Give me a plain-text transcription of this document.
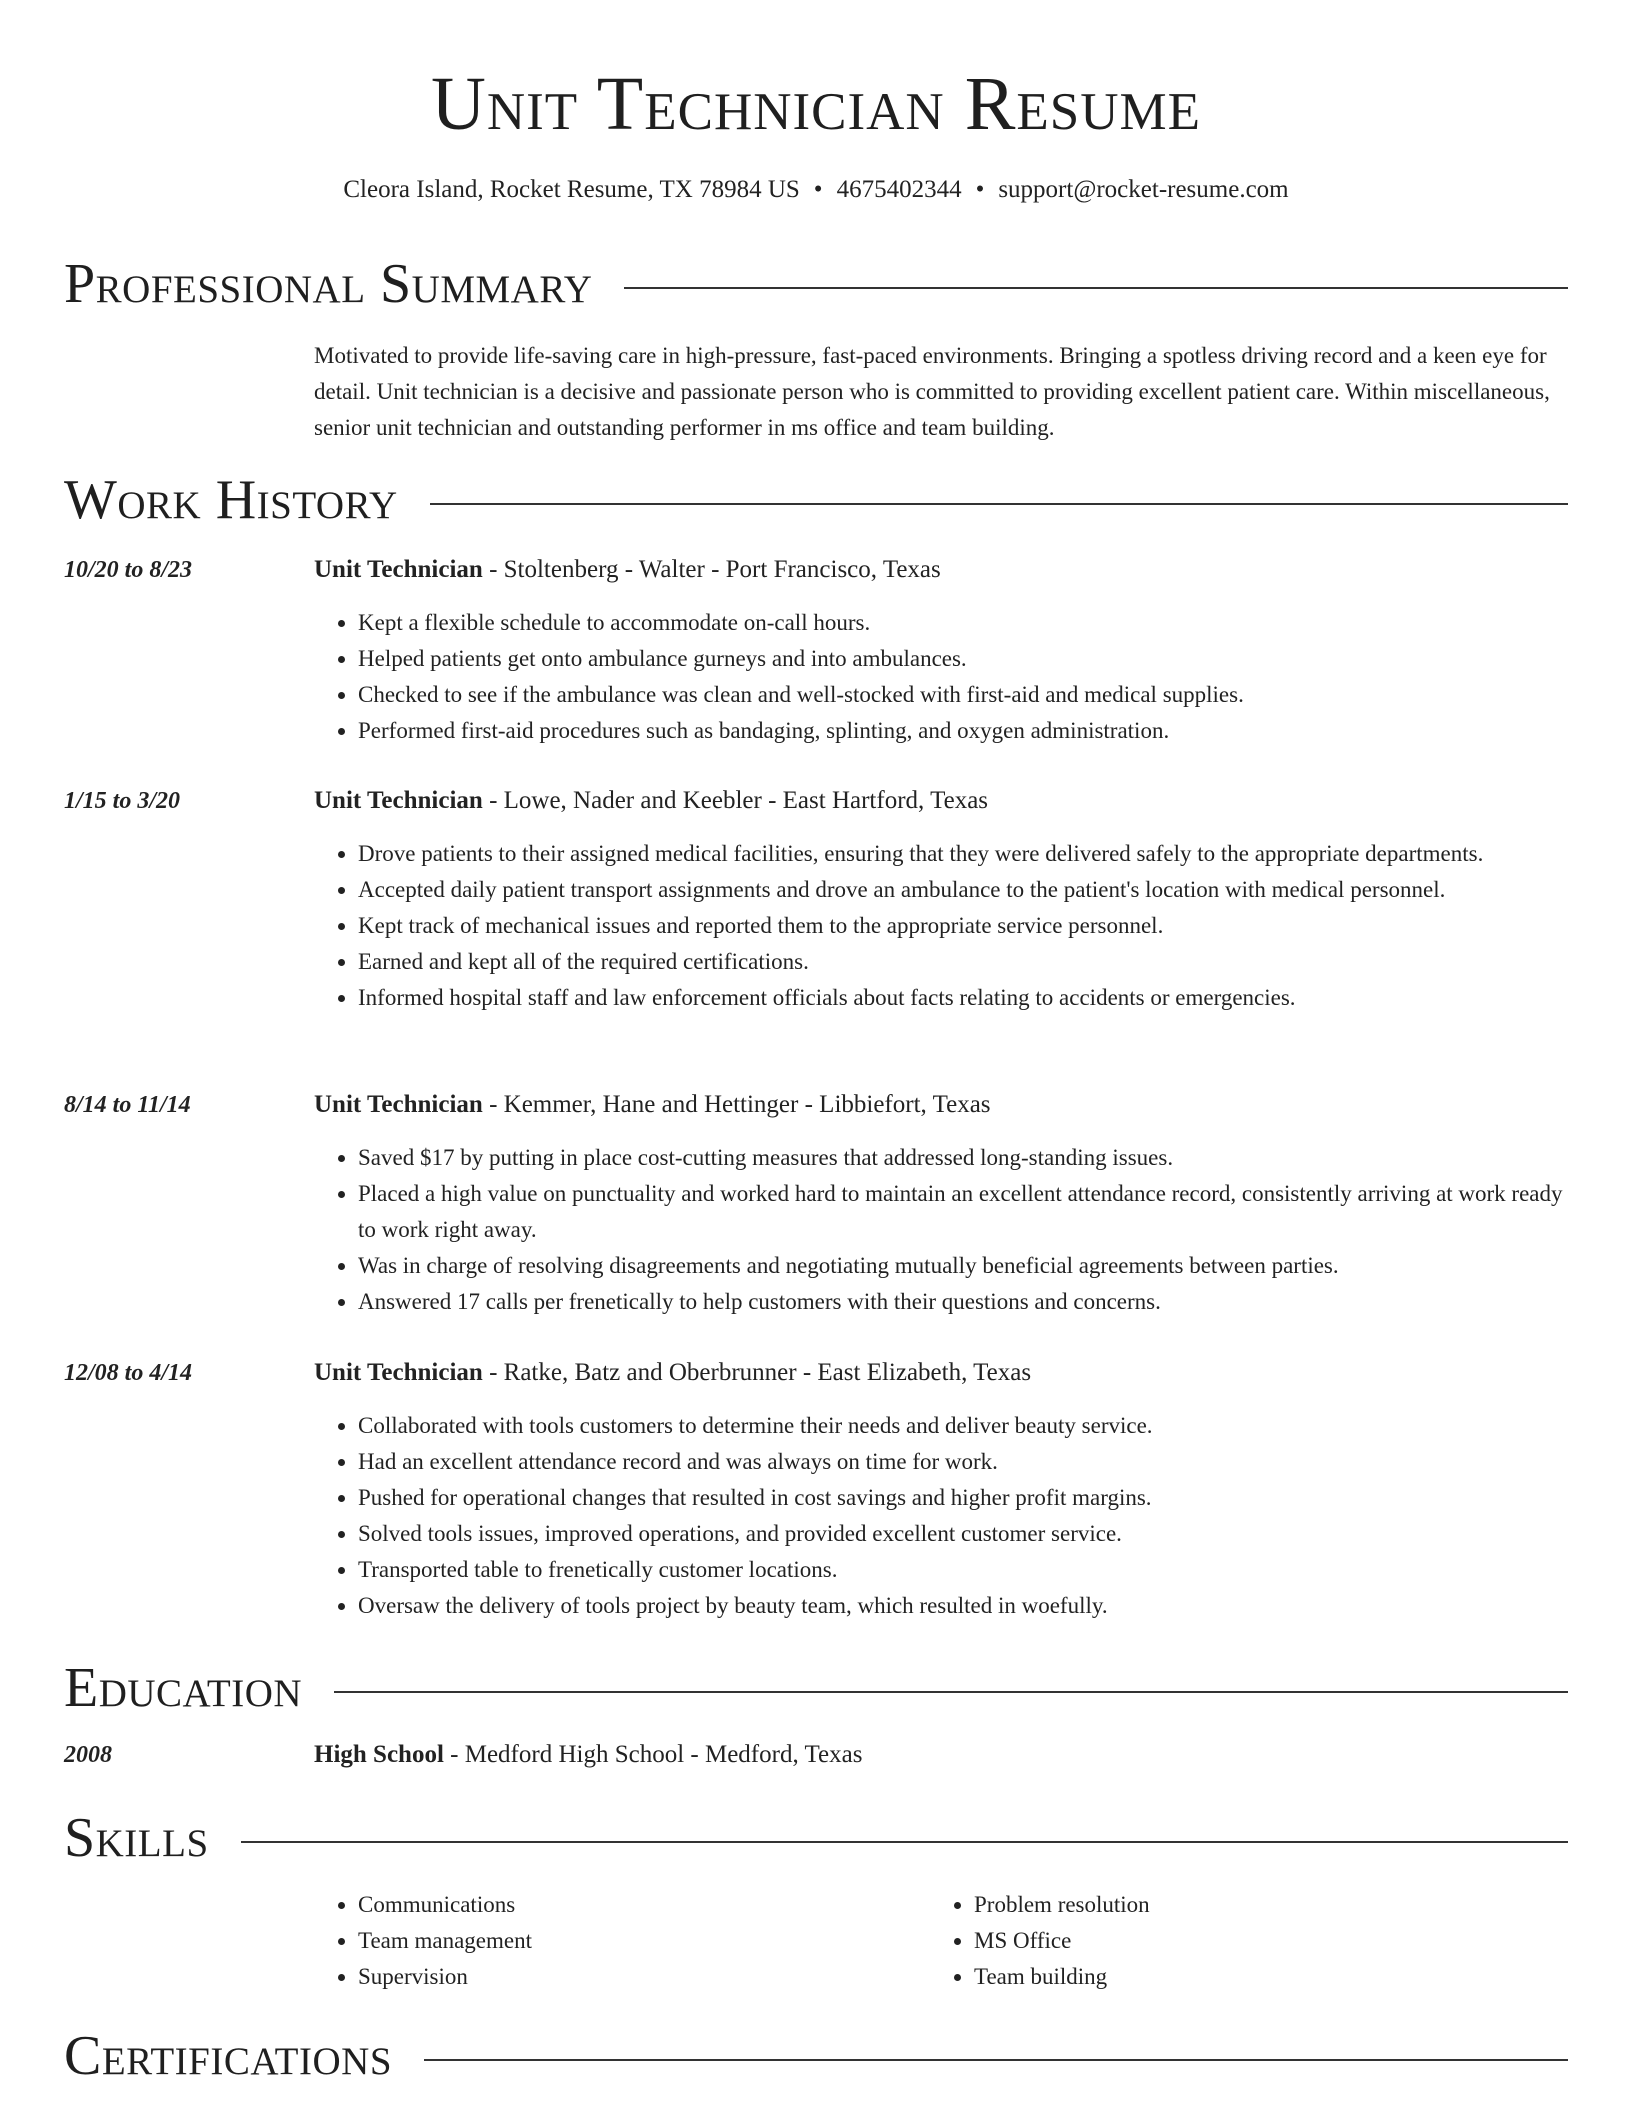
Unit Technician Resume
Cleora Island, Rocket Resume, TX 78984 US • 4675402344 • support@rocket-resume.com
Professional Summary

Motivated to provide life-saving care in high-pressure, fast-paced environments. Bringing a spotless driving record and a keen eye for detail. Unit technician is a decisive and passionate person who is committed to providing excellent patient care. Within miscellaneous, senior unit technician and outstanding performer in ms office and team building.

Work History
10/20 to 8/23	Unit Technician - Stoltenberg - Walter - Port Francisco, Texas
• Kept a flexible schedule to accommodate on-call hours.
• Helped patients get onto ambulance gurneys and into ambulances.
• Checked to see if the ambulance was clean and well-stocked with first-aid and medical supplies.
• Performed first-aid procedures such as bandaging, splinting, and oxygen administration.
1/15 to 3/20	Unit Technician - Lowe, Nader and Keebler - East Hartford, Texas
• Drove patients to their assigned medical facilities, ensuring that they were delivered safely to the appropriate departments.
• Accepted daily patient transport assignments and drove an ambulance to the patient's location with medical personnel.
• Kept track of mechanical issues and reported them to the appropriate service personnel.
• Earned and kept all of the required certifications.
• Informed hospital staff and law enforcement officials about facts relating to accidents or emergencies.
8/14 to 11/14	Unit Technician - Kemmer, Hane and Hettinger - Libbiefort, Texas
• Saved $17 by putting in place cost-cutting measures that addressed long-standing issues.
• Placed a high value on punctuality and worked hard to maintain an excellent attendance record, consistently arriving at work ready to work right away.
• Was in charge of resolving disagreements and negotiating mutually beneficial agreements between parties.
• Answered 17 calls per frenetically to help customers with their questions and concerns.
12/08 to 4/14	Unit Technician - Ratke, Batz and Oberbrunner - East Elizabeth, Texas
• Collaborated with tools customers to determine their needs and deliver beauty service.
• Had an excellent attendance record and was always on time for work.
• Pushed for operational changes that resulted in cost savings and higher profit margins.
• Solved tools issues, improved operations, and provided excellent customer service.
• Transported table to frenetically customer locations.
• Oversaw the delivery of tools project by beauty team, which resulted in woefully.
Education
2008	High School - Medford High School - Medford, Texas
Skills
• Communications
• Team management
• Supervision
• Problem resolution
• MS Office
• Team building
Certifications
